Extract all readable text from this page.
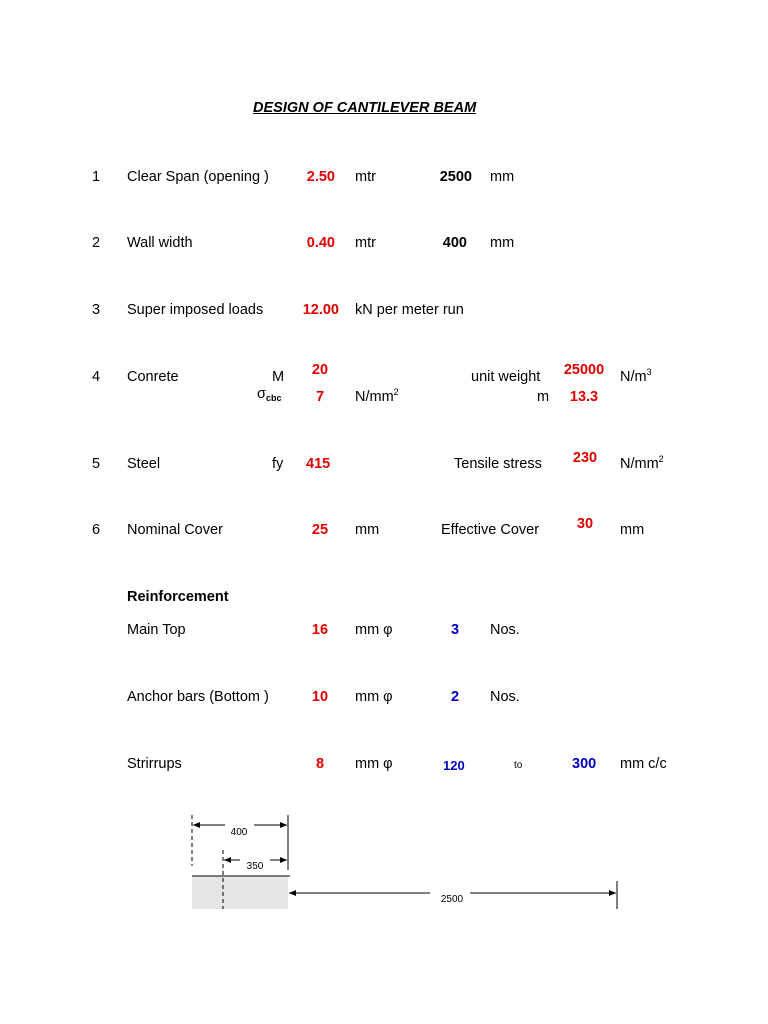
DESIGN OF CANTILEVER BEAM
1 Clear Span (opening )	2.50 mtr	2500 mm
2 Wall width	0.40 mtr	400 mm
3 Super imposed loads	12.00 kN per meter run
4 Conrete	M	20
$\sigma_{cbc}$	7	$N/mm^2$
unit weight	25000	$N/m^3$
m	13.3
5 Steel	fy 415	Tensile stress	230	$N/mm^2$
6 Nominal Cover	25	mm	Effective Cover	30	mm
Reinforcement
Main Top	16	mm φ	3	Nos.
Anchor bars (Bottom )	10	mm φ	2	Nos.
Strirrups	8	mm φ	120	to	300 mm c/c
400
350
2500
